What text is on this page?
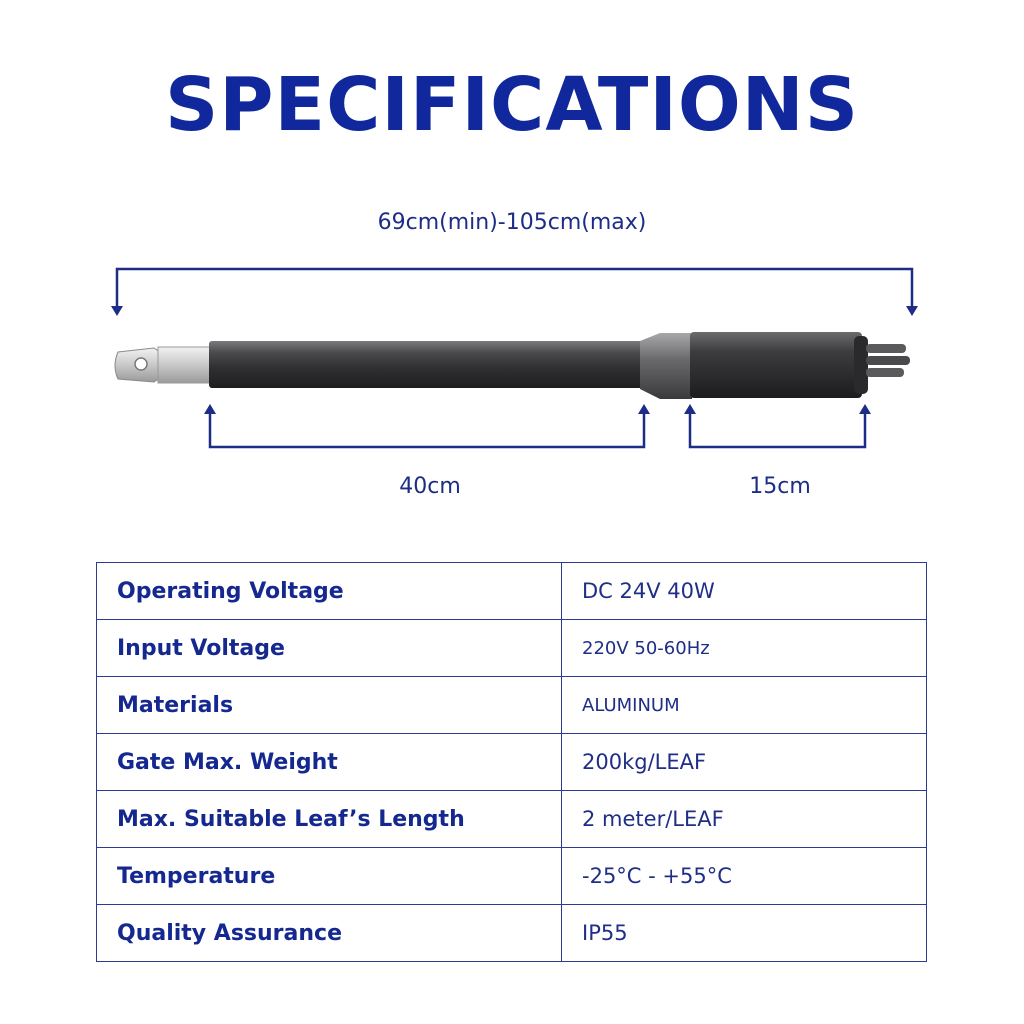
SPECIFICATIONS
69cm(min)-105cm(max)
40cm	15cm
Operating Voltage	DC 24V 40W
Input Voltage	220V 50-60Hz
Materials	ALUMINUM
Gate Max. Weight	200kg/LEAF
Max. Suitable Leaf’s Length	2 meter/LEAF
Temperature	-25°C - +55°C
Quality Assurance	IP55
